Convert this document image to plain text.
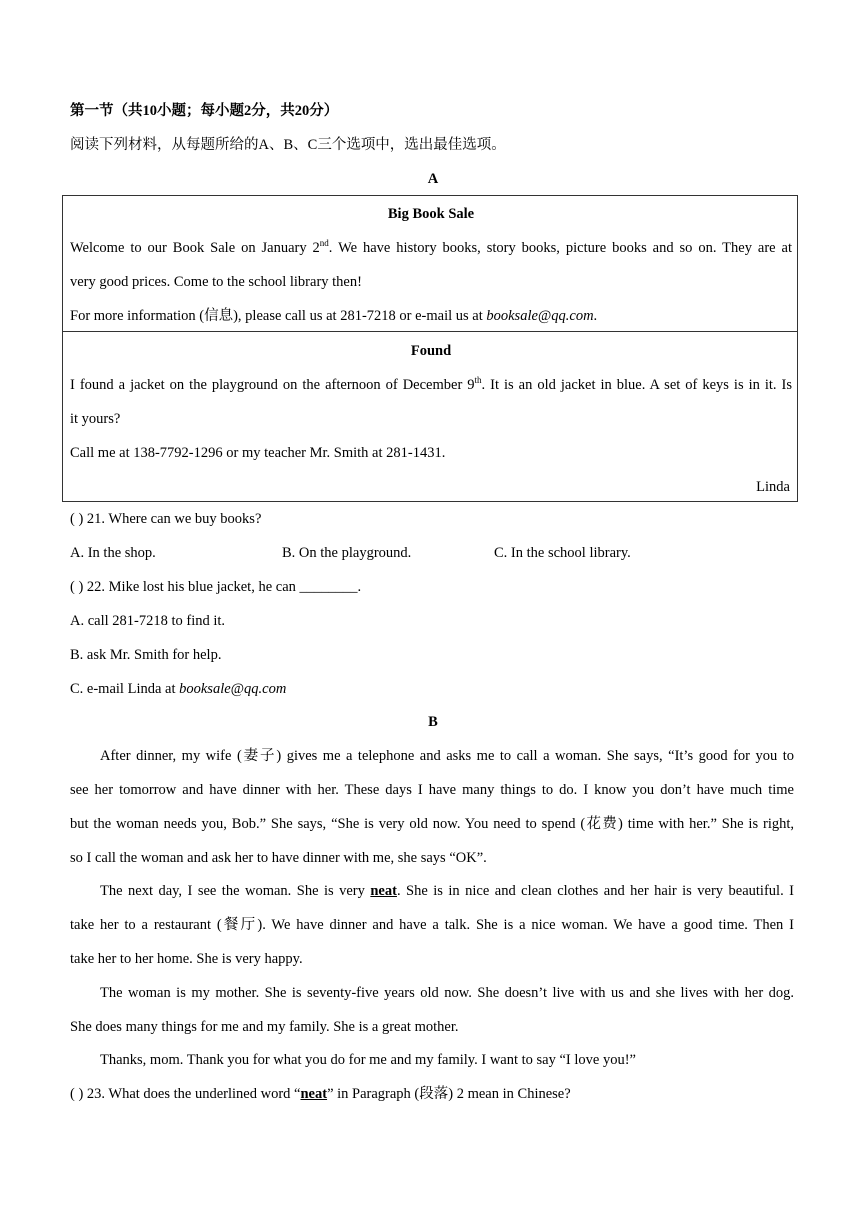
第一节（共10小题；每小题2分，共20分）
阅读下列材料，从每题所给的A、B、C三个选项中，选出最佳选项。
A
Big Book Sale
Welcome to our Book Sale on January 2nd. We have history books, story books, picture books and so on. They are at
very good prices. Come to the school library then!
For more information (信息), please call us at 281-7218 or e-mail us at booksale@qq.com.
Found
I found a jacket on the playground on the afternoon of December 9th. It is an old jacket in blue. A set of keys is in it. Is
it yours?
Call me at 138-7792-1296 or my teacher Mr. Smith at 281-1431.
Linda
( ) 21. Where can we buy books?
A. In the shop.	B. On the playground.	C. In the school library.
( ) 22. Mike lost his blue jacket, he can ________.
A. call 281-7218 to find it.
B. ask Mr. Smith for help.
C. e-mail Linda at booksale@qq.com
B
After dinner, my wife (妻子) gives me a telephone and asks me to call a woman. She says, “It’s good for you to
see her tomorrow and have dinner with her. These days I have many things to do. I know you don’t have much time
but the woman needs you, Bob.” She says, “She is very old now. You need to spend (花费) time with her.” She is right,
so I call the woman and ask her to have dinner with me, she says “OK”.
The next day, I see the woman. She is very neat. She is in nice and clean clothes and her hair is very beautiful. I
take her to a restaurant (餐厅). We have dinner and have a talk. She is a nice woman. We have a good time. Then I
take her to her home. She is very happy.
The woman is my mother. She is seventy-five years old now. She doesn’t live with us and she lives with her dog.
She does many things for me and my family. She is a great mother.
Thanks, mom. Thank you for what you do for me and my family. I want to say “I love you!”
( ) 23. What does the underlined word “neat” in Paragraph (段落) 2 mean in Chinese?
